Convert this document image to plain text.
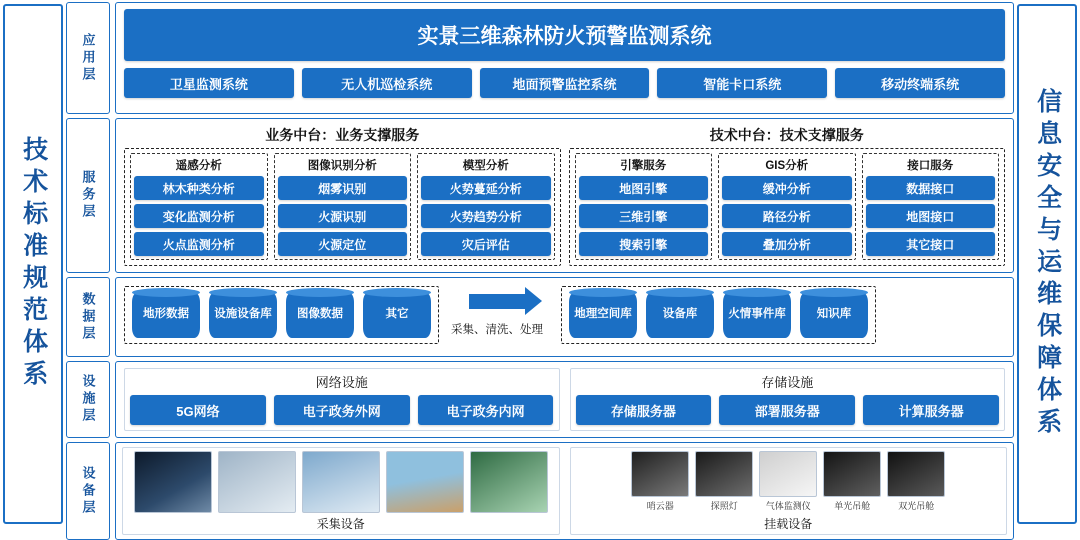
技术标准规范体系
应用层	实景三维森林防火预警监测系统
卫星监测系统	无人机巡检系统	地面预警监控系统	智能卡口系统	移动终端系统
服务层
业务中台：业务支撑服务
遥感分析
林木种类分析
变化监测分析
火点监测分析
图像识别分析
烟雾识别
火源识别
火源定位
模型分析
火势蔓延分析
火势趋势分析
灾后评估
技术中台：技术支撑服务
引擎服务
地图引擎
三维引擎
搜索引擎
GIS分析
缓冲分析
路径分析
叠加分析
接口服务
数据接口
地图接口
其它接口
数据层	地形数据	设施设备库	图像数据	其它
采集、清洗、处理
地理空间库	设备库	火情事件库	知识库
设施层	网络设施
5G网络	电子政务外网	电子政务内网
存储设施
存储服务器	部署服务器	计算服务器
设备层
采集设备
哨云器	探照灯	气体监测仪	单光吊舱	双光吊舱
挂载设备
信息安全与运维保障体系
